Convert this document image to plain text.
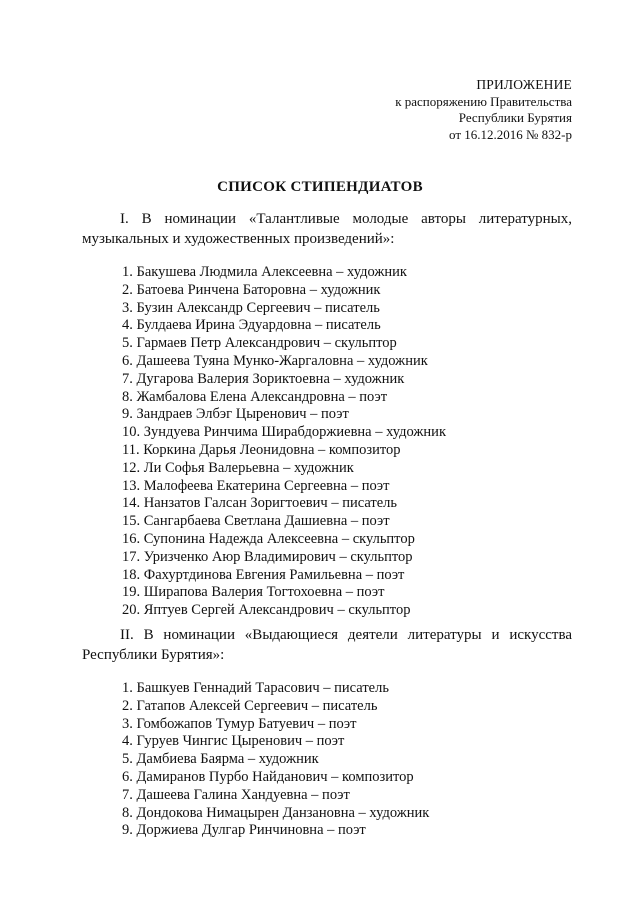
ПРИЛОЖЕНИЕ
к распоряжению Правительства
Республики Бурятия
от 16.12.2016 № 832-р
СПИСОК СТИПЕНДИАТОВ
I. В номинации «Талантливые молодые авторы литературных, музыкальных и художественных произведений»:
1. Бакушева Людмила Алексеевна – художник
2. Батоева Ринчена Баторовна – художник
3. Бузин Александр Сергеевич – писатель
4. Булдаева Ирина Эдуардовна – писатель
5. Гармаев Петр Александрович – скульптор
6. Дашеева Туяна Мунко-Жаргаловна – художник
7. Дугарова Валерия Зориктоевна – художник
8. Жамбалова Елена Александровна – поэт
9. Зандраев Элбэг Цыренович – поэт
10. Зундуева Ринчима Ширабдоржиевна – художник
11. Коркина Дарья Леонидовна – композитор
12. Ли Софья Валерьевна – художник
13. Малофеева Екатерина Сергеевна – поэт
14. Нанзатов Галсан Зоригтоевич – писатель
15. Сангарбаева Светлана Дашиевна – поэт
16. Супонина Надежда Алексеевна – скульптор
17. Уризченко Аюр Владимирович – скульптор
18. Фахуртдинова Евгения Рамильевна – поэт
19. Ширапова Валерия Тогтохоевна – поэт
20. Яптуев Сергей Александрович – скульптор
II. В номинации «Выдающиеся деятели литературы и искусства Республики Бурятия»:
1. Башкуев Геннадий Тарасович – писатель
2. Гатапов Алексей Сергеевич – писатель
3. Гомбожапов Тумур Батуевич – поэт
4. Гуруев Чингис Цыренович – поэт
5. Дамбиева Баярма – художник
6. Дамиранов Пурбо Найданович – композитор
7. Дашеева Галина Хандуевна – поэт
8. Дондокова Нимацырен Данзановна – художник
9. Доржиева Дулгар Ринчиновна – поэт
